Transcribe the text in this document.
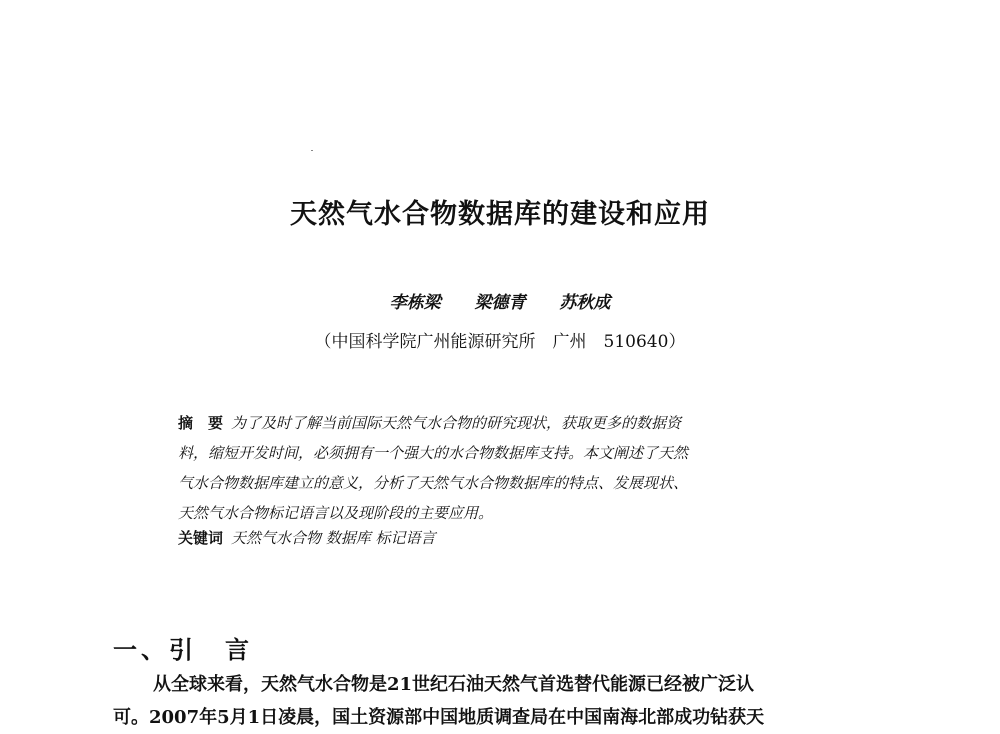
天然气水合物数据库的建设和应用
李栋梁 梁德青 苏秋成
（中国科学院广州能源研究所　广州　510640）
摘　要 为了及时了解当前国际天然气水合物的研究现状，获取更多的数据资
料，缩短开发时间，必须拥有一个强大的水合物数据库支持。本文阐述了天然
气水合物数据库建立的意义，分析了天然气水合物数据库的特点、发展现状、
天然气水合物标记语言以及现阶段的主要应用。
关键词 天然气水合物 数据库 标记语言
一、引　言
从全球来看，天然气水合物是21世纪石油天然气首选替代能源已经被广泛认
可。2007年5月1日凌晨，国土资源部中国地质调查局在中国南海北部成功钻获天
